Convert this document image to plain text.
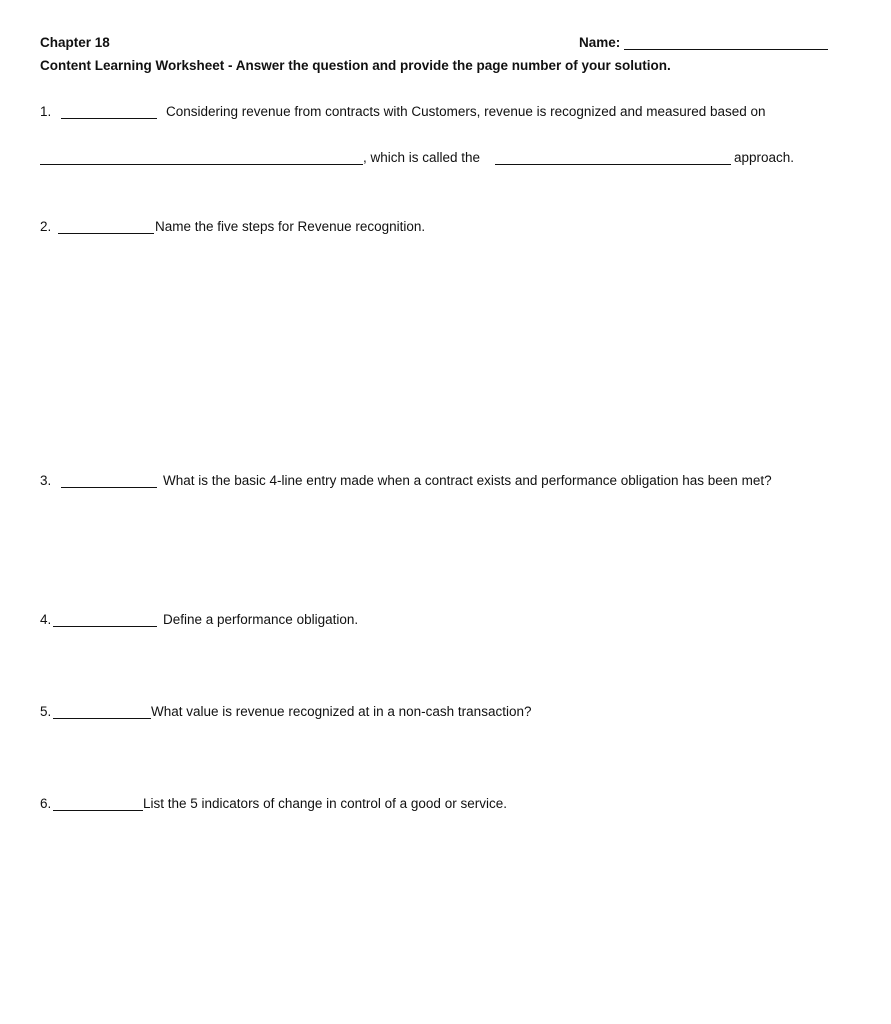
Chapter 18	Name:
Content Learning Worksheet - Answer the question and provide the page number of your solution.
1.	Considering revenue from contracts with Customers, revenue is recognized and measured based on
, which is called the	approach.
2.	Name the five steps for Revenue recognition.
3.	What is the basic 4-line entry made when a contract exists and performance obligation has been met?
4.	Define a performance obligation.
5.	What value is revenue recognized at in a non-cash transaction?
6.	List the 5 indicators of change in control of a good or service.
